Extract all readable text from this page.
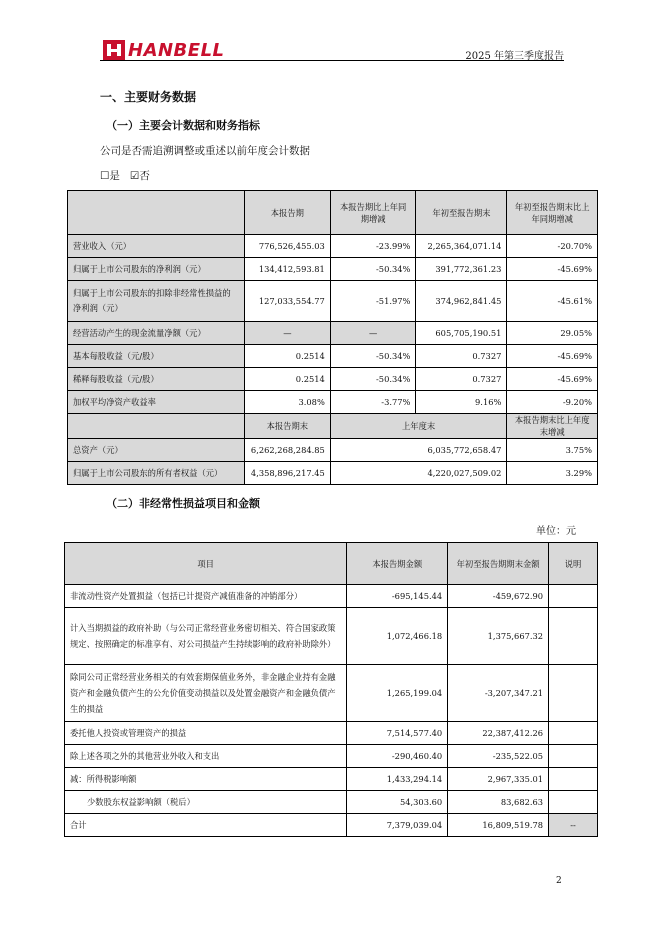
HANBELL	2025 年第三季度报告
一、主要财务数据
（一）主要会计数据和财务指标
公司是否需追溯调整或重述以前年度会计数据
☐是 ☑否
	本报告期	本报告期比上年同期增减	年初至报告期末	年初至报告期末比上年同期增减
营业收入（元）	776,526,455.03	-23.99%	2,265,364,071.14	-20.70%
归属于上市公司股东的净利润（元）	134,412,593.81	-50.34%	391,772,361.23	-45.69%
归属于上市公司股东的扣除非经常性损益的净利润（元）	127,033,554.77	-51.97%	374,962,841.45	-45.61%
经营活动产生的现金流量净额（元）	—	—	605,705,190.51	29.05%
基本每股收益（元/股）	0.2514	-50.34%	0.7327	-45.69%
稀释每股收益（元/股）	0.2514	-50.34%	0.7327	-45.69%
加权平均净资产收益率	3.08%	-3.77%	9.16%	-9.20%
	本报告期末	上年度末		本报告期末比上年度末增减
总资产（元）	6,262,268,284.85	6,035,772,658.47		3.75%
归属于上市公司股东的所有者权益（元）	4,358,896,217.45	4,220,027,509.02		3.29%
（二）非经常性损益项目和金额
单位：元
项目	本报告期金额	年初至报告期期末金额	说明
非流动性资产处置损益（包括已计提资产减值准备的冲销部分）	-695,145.44	-459,672.90	
计入当期损益的政府补助（与公司正常经营业务密切相关、符合国家政策规定、按照确定的标准享有、对公司损益产生持续影响的政府补助除外）	1,072,466.18	1,375,667.32	
除同公司正常经营业务相关的有效套期保值业务外，非金融企业持有金融资产和金融负债产生的公允价值变动损益以及处置金融资产和金融负债产生的损益	1,265,199.04	-3,207,347.21	
委托他人投资或管理资产的损益	7,514,577.40	22,387,412.26	
除上述各项之外的其他营业外收入和支出	-290,460.40	-235,522.05	
减：所得税影响额	1,433,294.14	2,967,335.01	
少数股东权益影响额（税后）	54,303.60	83,682.63	
合计	7,379,039.04	16,809,519.78	--
2
